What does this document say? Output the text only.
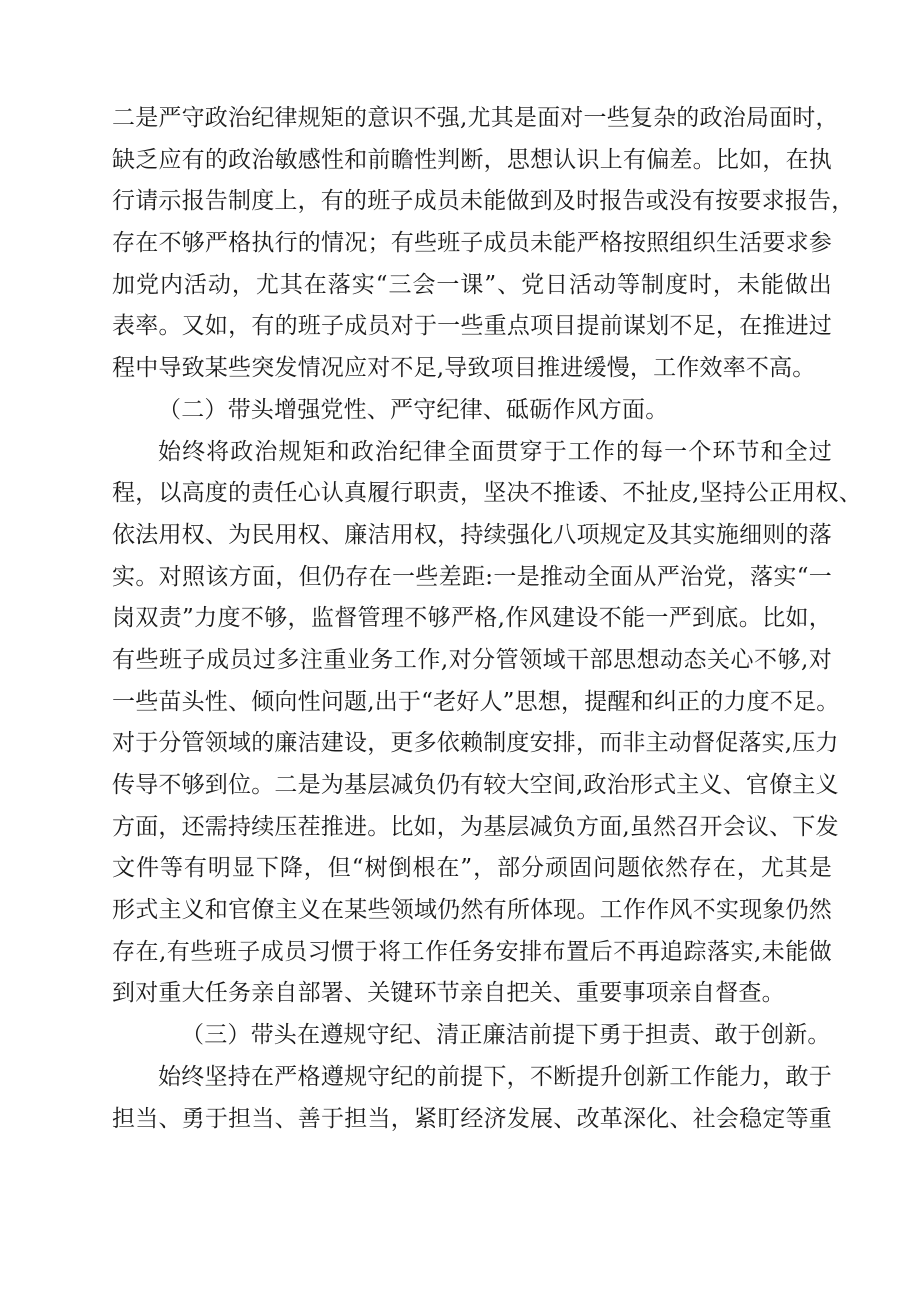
二是严守政治纪律规矩的意识不强,尤其是面对一些复杂的政治局面时，
缺乏应有的政治敏感性和前瞻性判断，思想认识上有偏差。比如，在执
行请示报告制度上，有的班子成员未能做到及时报告或没有按要求报告，
存在不够严格执行的情况；有些班子成员未能严格按照组织生活要求参
加党内活动，尤其在落实“三会一课”、党日活动等制度时，未能做出
表率。又如，有的班子成员对于一些重点项目提前谋划不足，在推进过
程中导致某些突发情况应对不足,导致项目推进缓慢，工作效率不高。
（二）带头增强党性、严守纪律、砥砺作风方面。
始终将政治规矩和政治纪律全面贯穿于工作的每一个环节和全过
程，以高度的责任心认真履行职责，坚决不推诿、不扯皮,坚持公正用权、
依法用权、为民用权、廉洁用权，持续强化八项规定及其实施细则的落
实。对照该方面，但仍存在一些差距:一是推动全面从严治党，落实“一
岗双责”力度不够，监督管理不够严格,作风建设不能一严到底。比如，
有些班子成员过多注重业务工作,对分管领域干部思想动态关心不够,对
一些苗头性、倾向性问题,出于“老好人”思想，提醒和纠正的力度不足。
对于分管领域的廉洁建设，更多依赖制度安排，而非主动督促落实,压力
传导不够到位。二是为基层减负仍有较大空间,政治形式主义、官僚主义
方面，还需持续压茬推进。比如，为基层减负方面,虽然召开会议、下发
文件等有明显下降，但“树倒根在”，部分顽固问题依然存在，尤其是
形式主义和官僚主义在某些领域仍然有所体现。工作作风不实现象仍然
存在,有些班子成员习惯于将工作任务安排布置后不再追踪落实,未能做
到对重大任务亲自部署、关键环节亲自把关、重要事项亲自督查。
（三）带头在遵规守纪、清正廉洁前提下勇于担责、敢于创新。
始终坚持在严格遵规守纪的前提下，不断提升创新工作能力，敢于
担当、勇于担当、善于担当，紧盯经济发展、改革深化、社会稳定等重
